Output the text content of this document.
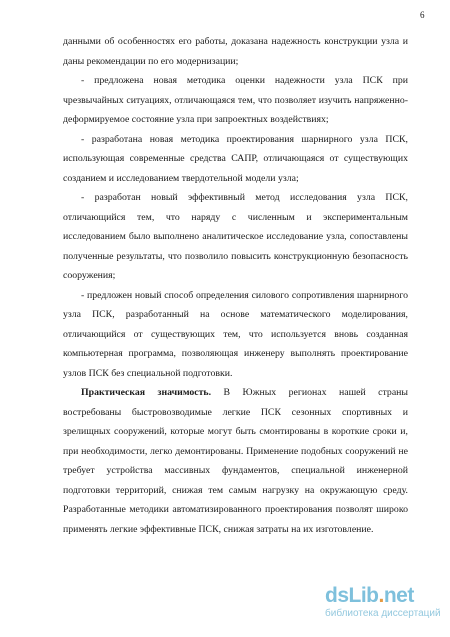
6

данными об особенностях его работы, доказана надежность конструкции узла и даны рекомендации по его модернизации;

- предложена новая методика оценки надежности узла ПСК при чрезвычайных ситуациях, отличающаяся тем, что позволяет изучить напряженно-деформируемое состояние узла при запроектных воздействиях;

- разработана новая методика проектирования шарнирного узла ПСК, использующая современные средства САПР, отличающаяся от существующих созданием и исследованием твердотельной модели узла;

- разработан новый эффективный метод исследования узла ПСК, отличающийся тем, что наряду с численным и экспериментальным исследованием было выполнено аналитическое исследование узла, сопоставлены полученные результаты, что позволило повысить конструкционную безопасность сооружения;

- предложен новый способ определения силового сопротивления шарнирного узла ПСК, разработанный на основе математического моделирования, отличающийся от существующих тем, что используется вновь созданная компьютерная программа, позволяющая инженеру выполнять проектирование узлов ПСК без специальной подготовки.

Практическая значимость. В Южных регионах нашей страны востребованы быстровозводимые легкие ПСК сезонных спортивных и зрелищных сооружений, которые могут быть смонтированы в короткие сроки и, при необходимости, легко демонтированы. Применение подобных сооружений не требует устройства массивных фундаментов, специальной инженерной подготовки территорий, снижая тем самым нагрузку на окружающую среду. Разработанные методики автоматизированного проектирования позволят широко применять легкие эффективные ПСК, снижая затраты на их изготовление.

dsLib.net
библиотека диссертаций
